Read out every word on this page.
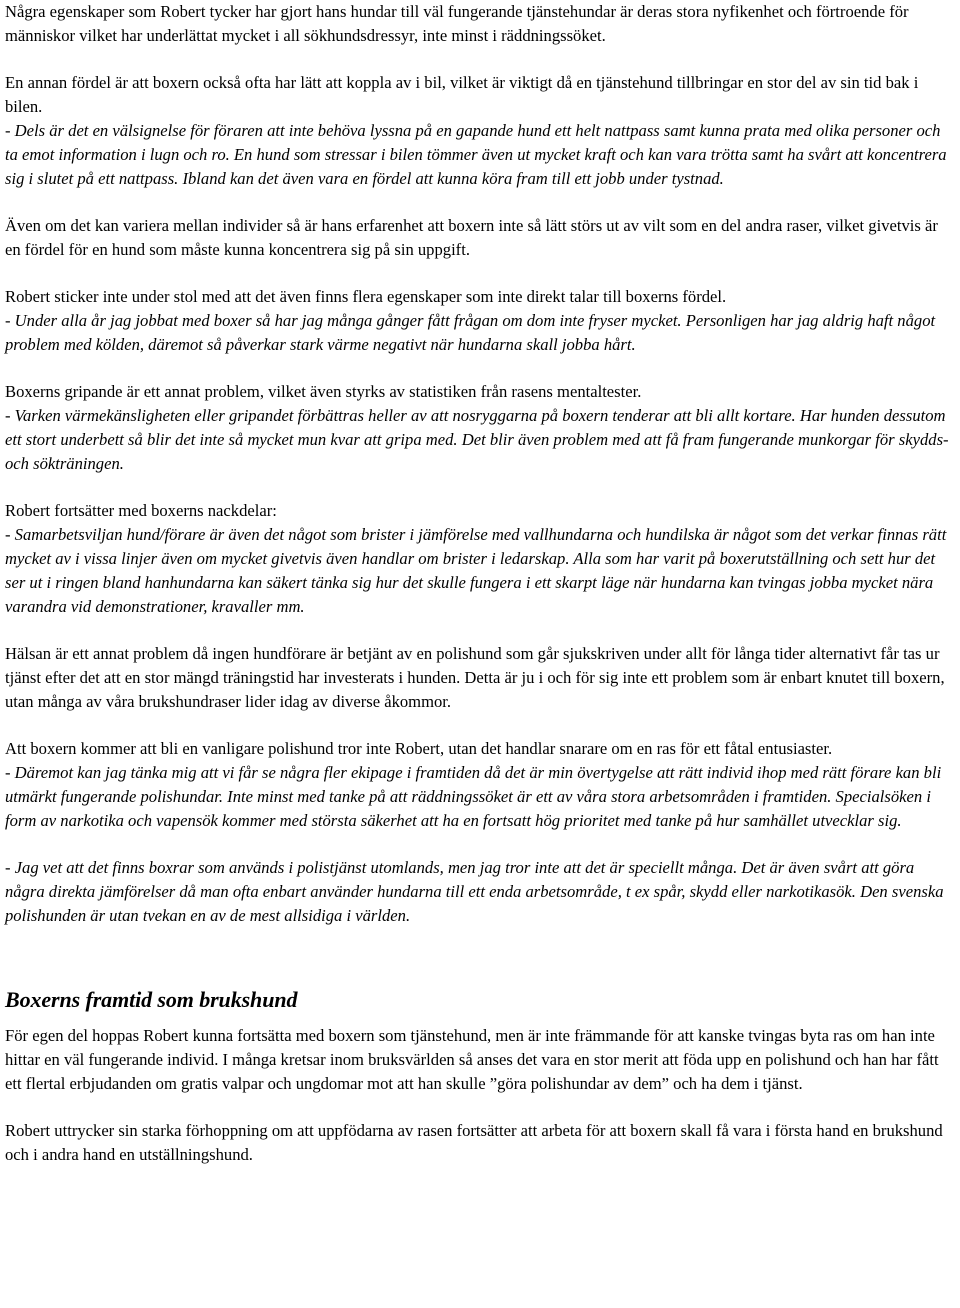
Några egenskaper som Robert tycker har gjort hans hundar till väl fungerande tjänstehundar är deras stora nyfikenhet och förtroende för människor vilket har underlättat mycket i all sökhundsdressyr, inte minst i räddningssöket.

En annan fördel är att boxern också ofta har lätt att koppla av i bil, vilket är viktigt då en tjänstehund tillbringar en stor del av sin tid bak i bilen.

- Dels är det en välsignelse för föraren att inte behöva lyssna på en gapande hund ett helt nattpass samt kunna prata med olika personer och ta emot information i lugn och ro. En hund som stressar i bilen tömmer även ut mycket kraft och kan vara trötta samt ha svårt att koncentrera sig i slutet på ett nattpass. Ibland kan det även vara en fördel att kunna köra fram till ett jobb under tystnad.

Även om det kan variera mellan individer så är hans erfarenhet att boxern inte så lätt störs ut av vilt som en del andra raser, vilket givetvis är en fördel för en hund som måste kunna koncentrera sig på sin uppgift.

Robert sticker inte under stol med att det även finns flera egenskaper som inte direkt talar till boxerns fördel.

- Under alla år jag jobbat med boxer så har jag många gånger fått frågan om dom inte fryser mycket. Personligen har jag aldrig haft något problem med kölden, däremot så påverkar stark värme negativt när hundarna skall jobba hårt.

Boxerns gripande är ett annat problem, vilket även styrks av statistiken från rasens mentaltester.

- Varken värmekänsligheten eller gripandet förbättras heller av att nosryggarna på boxern tenderar att bli allt kortare. Har hunden dessutom ett stort underbett så blir det inte så mycket mun kvar att gripa med. Det blir även problem med att få fram fungerande munkorgar för skydds- och sökträningen.

Robert fortsätter med boxerns nackdelar:

- Samarbetsviljan hund/förare är även det något som brister i jämförelse med vallhundarna och hundilska är något som det verkar finnas rätt mycket av i vissa linjer även om mycket givetvis även handlar om brister i ledarskap. Alla som har varit på boxerutställning och sett hur det ser ut i ringen bland hanhundarna kan säkert tänka sig hur det skulle fungera i ett skarpt läge när hundarna kan tvingas jobba mycket nära varandra vid demonstrationer, kravaller mm.

Hälsan är ett annat problem då ingen hundförare är betjänt av en polishund som går sjukskriven under allt för långa tider alternativt får tas ur tjänst efter det att en stor mängd träningstid har investerats i hunden. Detta är ju i och för sig inte ett problem som är enbart knutet till boxern, utan många av våra brukshundraser lider idag av diverse åkommor.

Att boxern kommer att bli en vanligare polishund tror inte Robert, utan det handlar snarare om en ras för ett fåtal entusiaster.

- Däremot kan jag tänka mig att vi får se några fler ekipage i framtiden då det är min övertygelse att rätt individ ihop med rätt förare kan bli utmärkt fungerande polishundar. Inte minst med tanke på att räddningssöket är ett av våra stora arbetsområden i framtiden. Specialsöken i form av narkotika och vapensök kommer med största säkerhet att ha en fortsatt hög prioritet med tanke på hur samhället utvecklar sig.

- Jag vet att det finns boxrar som används i polistjänst utomlands, men jag tror inte att det är speciellt många. Det är även svårt att göra några direkta jämförelser då man ofta enbart använder hundarna till ett enda arbetsområde, t ex spår, skydd eller narkotikasök. Den svenska polishunden är utan tvekan en av de mest allsidiga i världen.

Boxerns framtid som brukshund

För egen del hoppas Robert kunna fortsätta med boxern som tjänstehund, men är inte främmande för att kanske tvingas byta ras om han inte hittar en väl fungerande individ. I många kretsar inom bruksvärlden så anses det vara en stor merit att föda upp en polishund och han har fått ett flertal erbjudanden om gratis valpar och ungdomar mot att han skulle ”göra polishundar av dem” och ha dem i tjänst.

Robert uttrycker sin starka förhoppning om att uppfödarna av rasen fortsätter att arbeta för att boxern skall få vara i första hand en brukshund och i andra hand en utställningshund.
